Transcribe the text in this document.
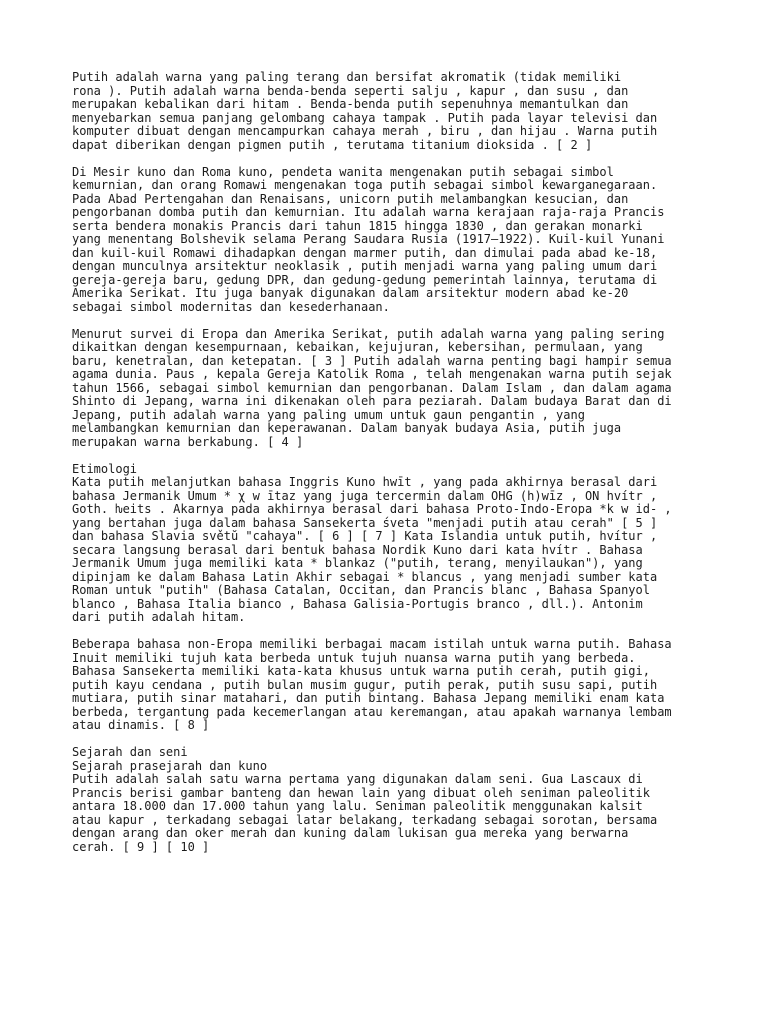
Putih adalah warna yang paling terang dan bersifat akromatik (tidak memiliki
rona ). Putih adalah warna benda-benda seperti salju , kapur , dan susu , dan
merupakan kebalikan dari hitam . Benda-benda putih sepenuhnya memantulkan dan
menyebarkan semua panjang gelombang cahaya tampak . Putih pada layar televisi dan
komputer dibuat dengan mencampurkan cahaya merah , biru , dan hijau . Warna putih
dapat diberikan dengan pigmen putih , terutama titanium dioksida . [ 2 ]
Di Mesir kuno dan Roma kuno, pendeta wanita mengenakan putih sebagai simbol
kemurnian, dan orang Romawi mengenakan toga putih sebagai simbol kewarganegaraan.
Pada Abad Pertengahan dan Renaisans, unicorn putih melambangkan kesucian, dan
pengorbanan domba putih dan kemurnian. Itu adalah warna kerajaan raja-raja Prancis
serta bendera monakis Prancis dari tahun 1815 hingga 1830 , dan gerakan monarki
yang menentang Bolshevik selama Perang Saudara Rusia (1917–1922). Kuil-kuil Yunani
dan kuil-kuil Romawi dihadapkan dengan marmer putih, dan dimulai pada abad ke-18,
dengan munculnya arsitektur neoklasik , putih menjadi warna yang paling umum dari
gereja-gereja baru, gedung DPR, dan gedung-gedung pemerintah lainnya, terutama di
Amerika Serikat. Itu juga banyak digunakan dalam arsitektur modern abad ke-20
sebagai simbol modernitas dan kesederhanaan.
Menurut survei di Eropa dan Amerika Serikat, putih adalah warna yang paling sering
dikaitkan dengan kesempurnaan, kebaikan, kejujuran, kebersihan, permulaan, yang
baru, kenetralan, dan ketepatan. [ 3 ] Putih adalah warna penting bagi hampir semua
agama dunia. Paus , kepala Gereja Katolik Roma , telah mengenakan warna putih sejak
tahun 1566, sebagai simbol kemurnian dan pengorbanan. Dalam Islam , dan dalam agama
Shinto di Jepang, warna ini dikenakan oleh para peziarah. Dalam budaya Barat dan di
Jepang, putih adalah warna yang paling umum untuk gaun pengantin , yang
melambangkan kemurnian dan keperawanan. Dalam banyak budaya Asia, putih juga
merupakan warna berkabung. [ 4 ]
Etimologi
Kata putih melanjutkan bahasa Inggris Kuno hwīt , yang pada akhirnya berasal dari
bahasa Jermanik Umum * χ w ītaz yang juga tercermin dalam OHG (h)wīz , ON hvítr ,
Goth. ƕeits . Akarnya pada akhirnya berasal dari bahasa Proto-Indo-Eropa *k w id- ,
yang bertahan juga dalam bahasa Sansekerta śveta "menjadi putih atau cerah" [ 5 ]
dan bahasa Slavia světŭ "cahaya". [ 6 ] [ 7 ] Kata Islandia untuk putih, hvítur ,
secara langsung berasal dari bentuk bahasa Nordik Kuno dari kata hvítr . Bahasa
Jermanik Umum juga memiliki kata * blankaz ("putih, terang, menyilaukan"), yang
dipinjam ke dalam Bahasa Latin Akhir sebagai * blancus , yang menjadi sumber kata
Roman untuk "putih" (Bahasa Catalan, Occitan, dan Prancis blanc , Bahasa Spanyol
blanco , Bahasa Italia bianco , Bahasa Galisia-Portugis branco , dll.). Antonim
dari putih adalah hitam.
Beberapa bahasa non-Eropa memiliki berbagai macam istilah untuk warna putih. Bahasa
Inuit memiliki tujuh kata berbeda untuk tujuh nuansa warna putih yang berbeda.
Bahasa Sansekerta memiliki kata-kata khusus untuk warna putih cerah, putih gigi,
putih kayu cendana , putih bulan musim gugur, putih perak, putih susu sapi, putih
mutiara, putih sinar matahari, dan putih bintang. Bahasa Jepang memiliki enam kata
berbeda, tergantung pada kecemerlangan atau keremangan, atau apakah warnanya lembam
atau dinamis. [ 8 ]
Sejarah dan seni
Sejarah prasejarah dan kuno
Putih adalah salah satu warna pertama yang digunakan dalam seni. Gua Lascaux di
Prancis berisi gambar banteng dan hewan lain yang dibuat oleh seniman paleolitik
antara 18.000 dan 17.000 tahun yang lalu. Seniman paleolitik menggunakan kalsit
atau kapur , terkadang sebagai latar belakang, terkadang sebagai sorotan, bersama
dengan arang dan oker merah dan kuning dalam lukisan gua mereka yang berwarna
cerah. [ 9 ] [ 10 ]
